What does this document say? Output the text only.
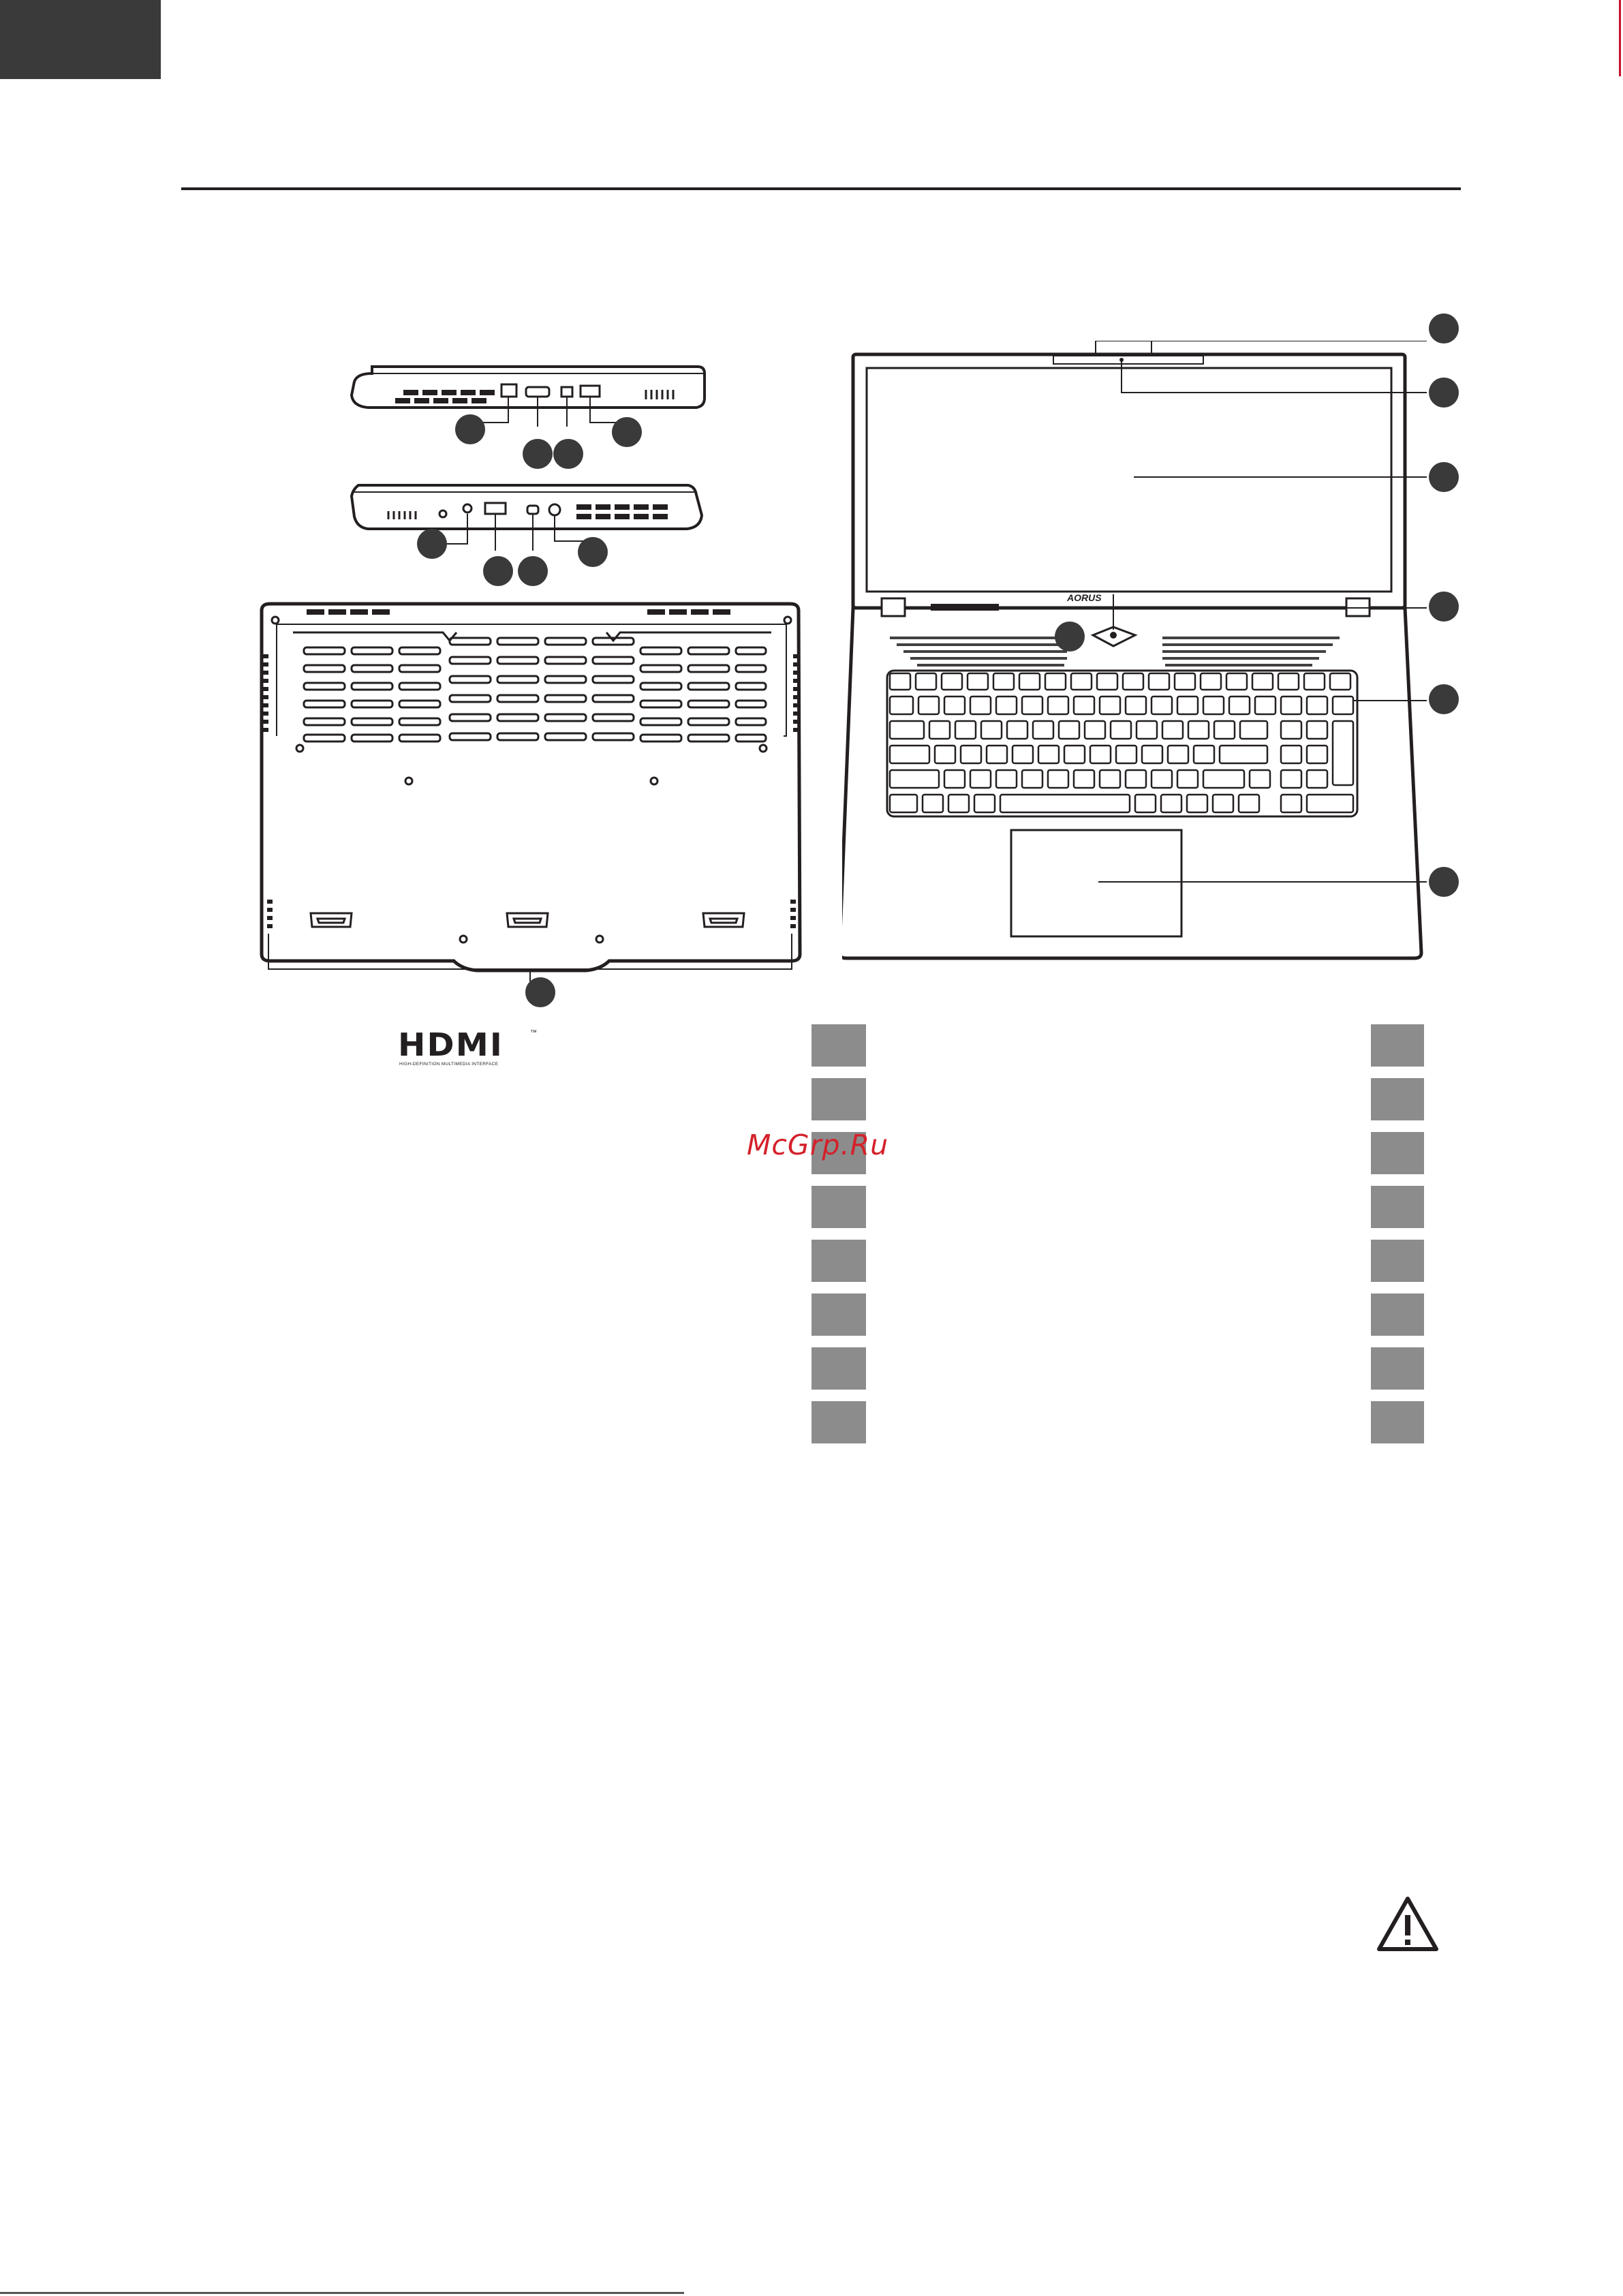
AORUS
HDMI	™
HIGH-DEFINITION MULTIMEDIA INTERFACE
McGrp.Ru
